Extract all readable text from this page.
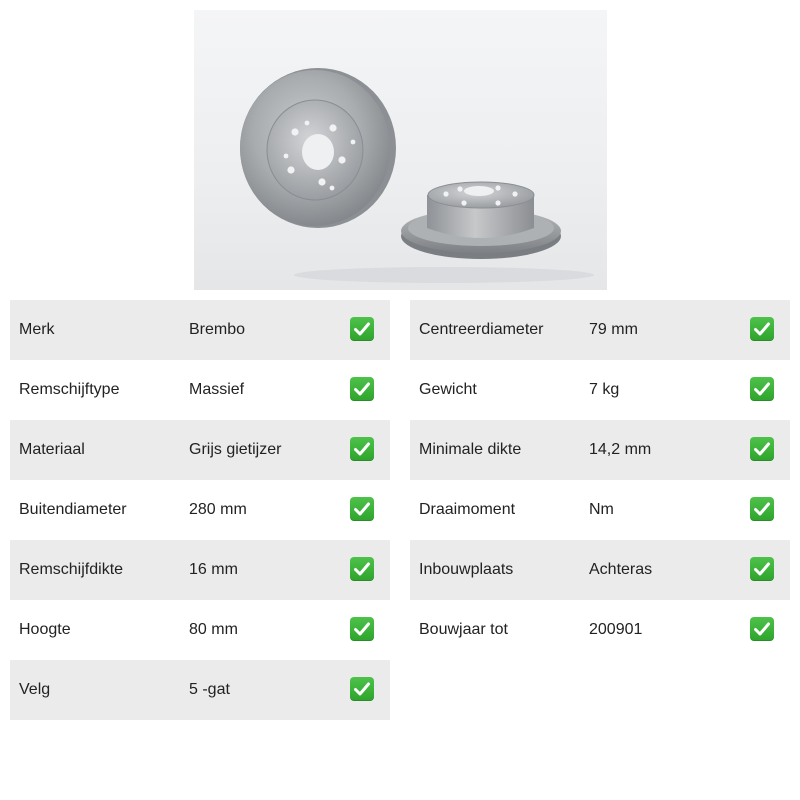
Merk	Brembo
Remschijftype	Massief
Materiaal	Grijs gietijzer
Buitendiameter	280 mm
Remschijfdikte	16 mm
Hoogte	80 mm
Velg	5 -gat
Centreerdiameter	79 mm
Gewicht	7 kg
Minimale dikte	14,2 mm
Draaimoment	Nm
Inbouwplaats	Achteras
Bouwjaar tot	200901
